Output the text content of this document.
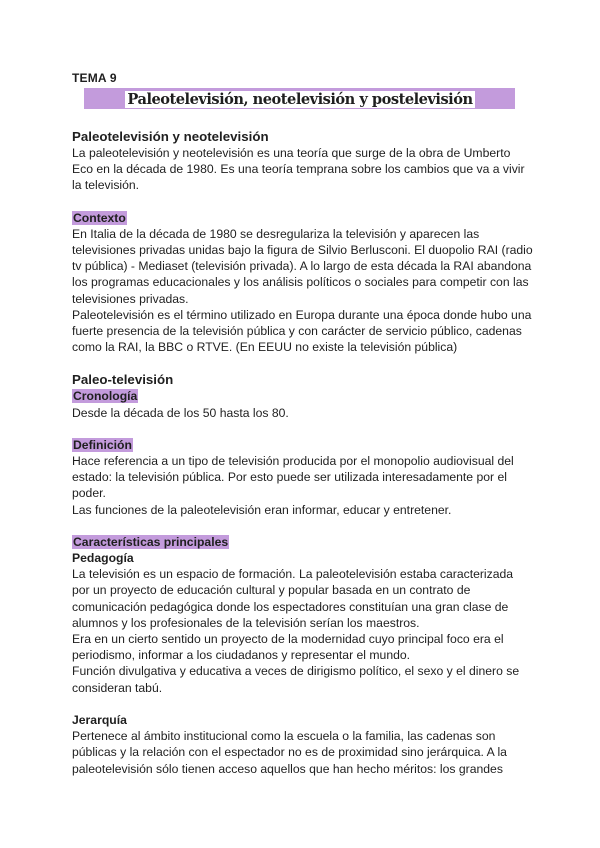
TEMA 9
Paleotelevisión, neotelevisión y postelevisión

Paleotelevisión y neotelevisión

La paleotelevisión y neotelevisión es una teoría que surge de la obra de Umberto Eco en la década de 1980. Es una teoría temprana sobre los cambios que va a vivir la televisión.

Contexto

En Italia de la década de 1980 se desregulariza la televisión y aparecen las televisiones privadas unidas bajo la figura de Silvio Berlusconi. El duopolio RAI (radio tv pública) - Mediaset (televisión privada). A lo largo de esta década la RAI abandona los programas educacionales y los análisis políticos o sociales para competir con las televisiones privadas.

Paleotelevisión es el término utilizado en Europa durante una época donde hubo una fuerte presencia de la televisión pública y con carácter de servicio público, cadenas como la RAI, la BBC o RTVE. (En EEUU no existe la televisión pública)

Paleo-televisión

Cronología

Desde la década de los 50 hasta los 80.

Definición

Hace referencia a un tipo de televisión producida por el monopolio audiovisual del estado: la televisión pública. Por esto puede ser utilizada interesadamente por el poder.

Las funciones de la paleotelevisión eran informar, educar y entretener.

Características principales

Pedagogía

La televisión es un espacio de formación. La paleotelevisión estaba caracterizada por un proyecto de educación cultural y popular basada en un contrato de comunicación pedagógica donde los espectadores constituían una gran clase de alumnos y los profesionales de la televisión serían los maestros.

Era en un cierto sentido un proyecto de la modernidad cuyo principal foco era el periodismo, informar a los ciudadanos y representar el mundo.

Función divulgativa y educativa a veces de dirigismo político, el sexo y el dinero se consideran tabú.

Jerarquía

Pertenece al ámbito institucional como la escuela o la familia, las cadenas son públicas y la relación con el espectador no es de proximidad sino jerárquica. A la paleotelevisión sólo tienen acceso aquellos que han hecho méritos: los grandes
